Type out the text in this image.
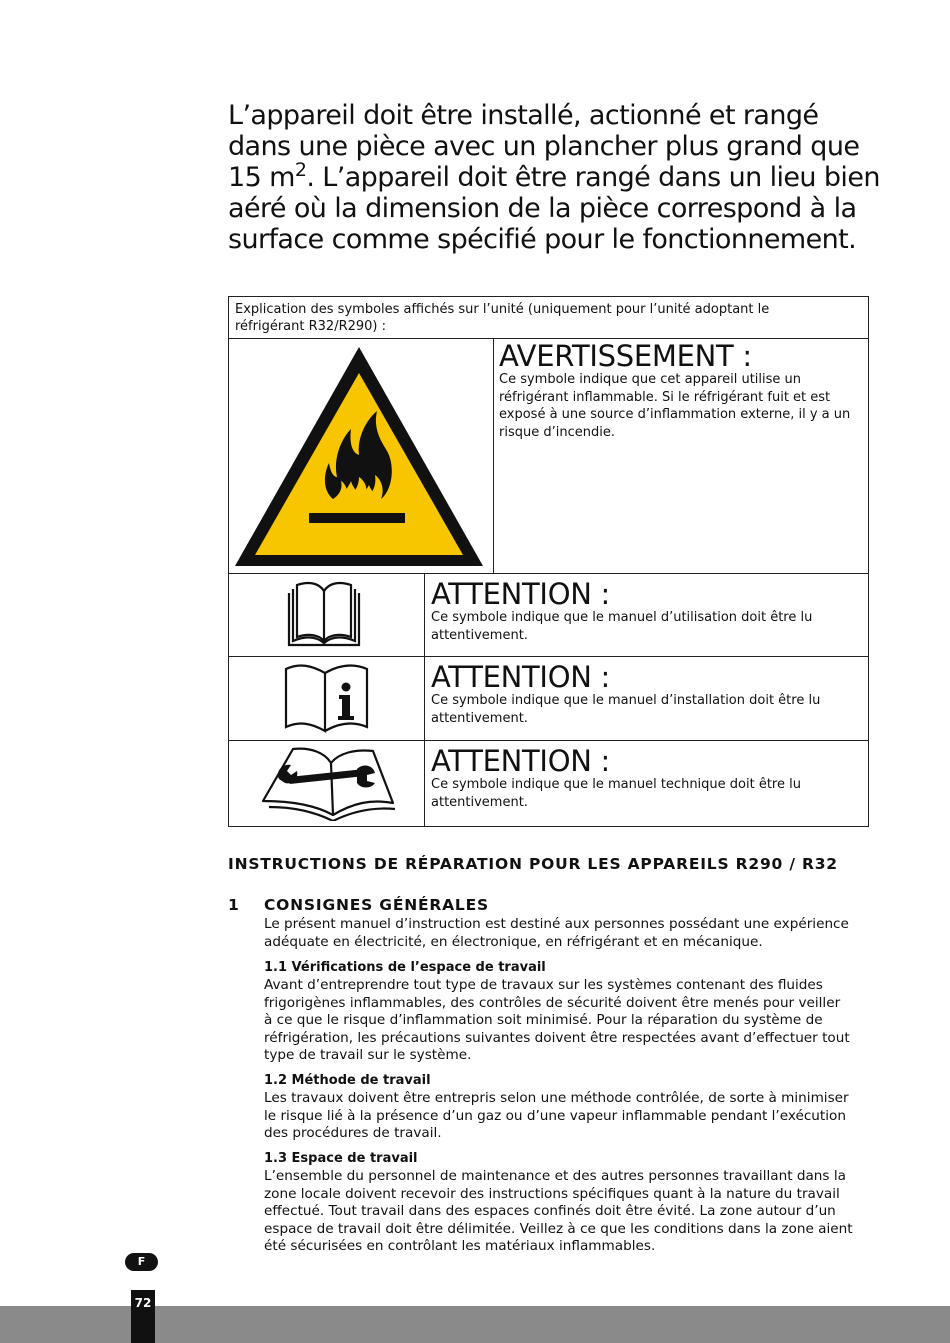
L’appareil doit être installé, actionné et rangé
dans une pièce avec un plancher plus grand que
15 $m^2$. L’appareil doit être rangé dans un lieu bien
aéré où la dimension de la pièce correspond à la
surface comme spécifié pour le fonctionnement.
Explication des symboles affichés sur l’unité (uniquement pour l’unité adoptant le
réfrigérant R32/R290) :
AVERTISSEMENT :

Ce symbole indique que cet appareil utilise un

réfrigérant inflammable. Si le réfrigérant fuit et est

exposé à une source d’inflammation externe, il y a un

risque d’incendie.

ATTENTION :

Ce symbole indique que le manuel d’utilisation doit être lu

attentivement.

ATTENTION :

Ce symbole indique que le manuel d’installation doit être lu

attentivement.

ATTENTION :

Ce symbole indique que le manuel technique doit être lu

attentivement.

INSTRUCTIONS DE RÉPARATION POUR LES APPAREILS R290 / R32
1 CONSIGNES GÉNÉRALES
Le présent manuel d’instruction est destiné aux personnes possédant une expérience
adéquate en électricité, en électronique, en réfrigérant et en mécanique.
1.1 Vérifications de l’espace de travail
Avant d’entreprendre tout type de travaux sur les systèmes contenant des fluides
frigorigènes inflammables, des contrôles de sécurité doivent être menés pour veiller
à ce que le risque d’inflammation soit minimisé. Pour la réparation du système de
réfrigération, les précautions suivantes doivent être respectées avant d’effectuer tout
type de travail sur le système.
1.2 Méthode de travail
Les travaux doivent être entrepris selon une méthode contrôlée, de sorte à minimiser
le risque lié à la présence d’un gaz ou d’une vapeur inflammable pendant l’exécution
des procédures de travail.
1.3 Espace de travail
L’ensemble du personnel de maintenance et des autres personnes travaillant dans la
zone locale doivent recevoir des instructions spécifiques quant à la nature du travail
effectué. Tout travail dans des espaces confinés doit être évité. La zone autour d’un
espace de travail doit être délimitée. Veillez à ce que les conditions dans la zone aient
été sécurisées en contrôlant les matériaux inflammables.
F
72
